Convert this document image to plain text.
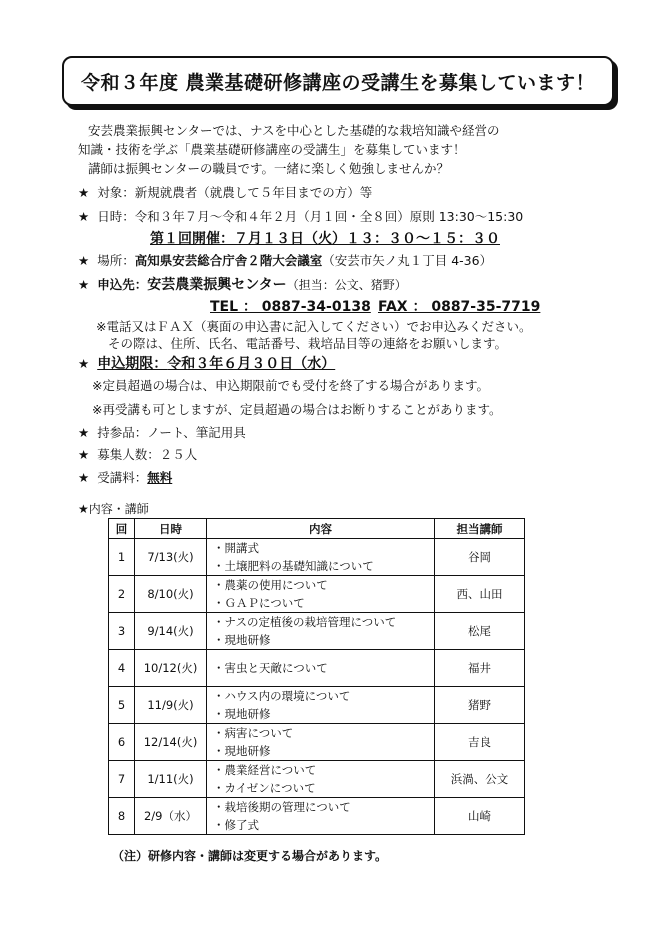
令和３年度 農業基礎研修講座の受講生を募集しています！
安芸農業振興センターでは、ナスを中心とした基礎的な栽培知識や経営の
知識・技術を学ぶ「農業基礎研修講座の受講生」を募集しています！
講師は振興センターの職員です。一緒に楽しく勉強しませんか？
★ 対象：新規就農者（就農して５年目までの方）等
★ 日時：令和３年７月～令和４年２月（月１回・全８回）原則 13:30～15:30
第１回開催：７月１３日（火）１３：３０～１５：３０
★ 場所：高知県安芸総合庁舎２階大会議室（安芸市矢ノ丸１丁目 4-36）
★ 申込先：安芸農業振興センター（担当：公文、猪野）
TEL ： 0887-34-0138 FAX ： 0887-35-7719
※電話又はＦＡＸ（裏面の申込書に記入してください）でお申込みください。
その際は、住所、氏名、電話番号、栽培品目等の連絡をお願いします。
★ 申込期限：令和３年６月３０日（水）
※定員超過の場合は、申込期限前でも受付を終了する場合があります。
※再受講も可としますが、定員超過の場合はお断りすることがあります。
★ 持参品：ノート、筆記用具
★ 募集人数：２５人
★ 受講料：無料
★内容・講師
回	日時	内容	担当講師
1	7/13(火)	・開講式
・土壌肥料の基礎知識について	谷岡
2	8/10(火)	・農薬の使用について
・ＧＡＰについて	西、山田
3	9/14(火)	・ナスの定植後の栽培管理について
・現地研修	松尾
4	10/12(火)	・害虫と天敵について	福井
5	11/9(火)	・ハウス内の環境について
・現地研修	猪野
6	12/14(火)	・病害について
・現地研修	吉良
7	1/11(火)	・農業経営について
・カイゼンについて	浜渦、公文
8	2/9（水）	・栽培後期の管理について
・修了式	山崎
（注）研修内容・講師は変更する場合があります。
